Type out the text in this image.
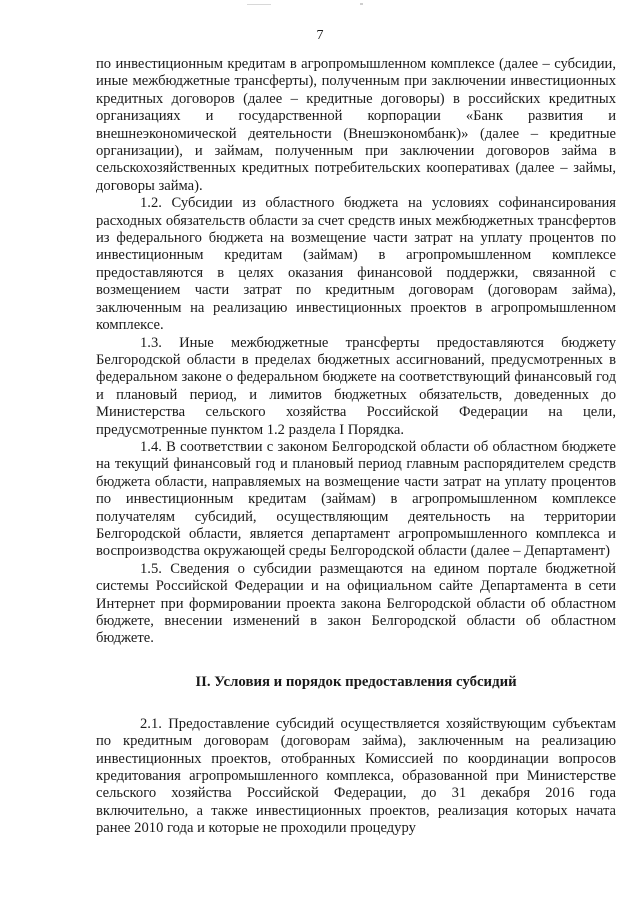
7

по инвестиционным кредитам в агропромышленном комплексе (далее – субсидии, иные межбюджетные трансферты), полученным при заключении инвестиционных кредитных договоров (далее – кредитные договоры) в российских кредитных организациях и государственной корпорации «Банк развития и внешнеэкономической деятельности (Внешэкономбанк)» (далее – кредитные организации), и займам, полученным при заключении договоров займа в сельскохозяйственных кредитных потребительских кооперативах (далее – займы, договоры займа).

1.2. Субсидии из областного бюджета на условиях софинансирования расходных обязательств области за счет средств иных межбюджетных трансфертов из федерального бюджета на возмещение части затрат на уплату процентов по инвестиционным кредитам (займам) в агропромышленном комплексе предоставляются в целях оказания финансовой поддержки, связанной с возмещением части затрат по кредитным договорам (договорам займа), заключенным на реализацию инвестиционных проектов в агропромышленном комплексе.

1.3. Иные межбюджетные трансферты предоставляются бюджету Белгородской области в пределах бюджетных ассигнований, предусмотренных в федеральном законе о федеральном бюджете на соответствующий финансовый год и плановый период, и лимитов бюджетных обязательств, доведенных до Министерства сельского хозяйства Российской Федерации на цели, предусмотренные пунктом 1.2 раздела I Порядка.

1.4. В соответствии с законом Белгородской области об областном бюджете на текущий финансовый год и плановый период главным распорядителем средств бюджета области, направляемых на возмещение части затрат на уплату процентов по инвестиционным кредитам (займам) в агропромышленном комплексе получателям субсидий, осуществляющим деятельность на территории Белгородской области, является департамент агропромышленного комплекса и воспроизводства окружающей среды Белгородской области (далее – Департамент)

1.5. Сведения о субсидии размещаются на едином портале бюджетной системы Российской Федерации и на официальном сайте Департамента в сети Интернет при формировании проекта закона Белгородской области об областном бюджете, внесении изменений в закон Белгородской области об областном бюджете.

II. Условия и порядок предоставления субсидий

2.1. Предоставление субсидий осуществляется хозяйствующим субъектам по кредитным договорам (договорам займа), заключенным на реализацию инвестиционных проектов, отобранных Комиссией по координации вопросов кредитования агропромышленного комплекса, образованной при Министерстве сельского хозяйства Российской Федерации, до 31 декабря 2016 года включительно, а также инвестиционных проектов, реализация которых начата ранее 2010 года и которые не проходили процедуру
